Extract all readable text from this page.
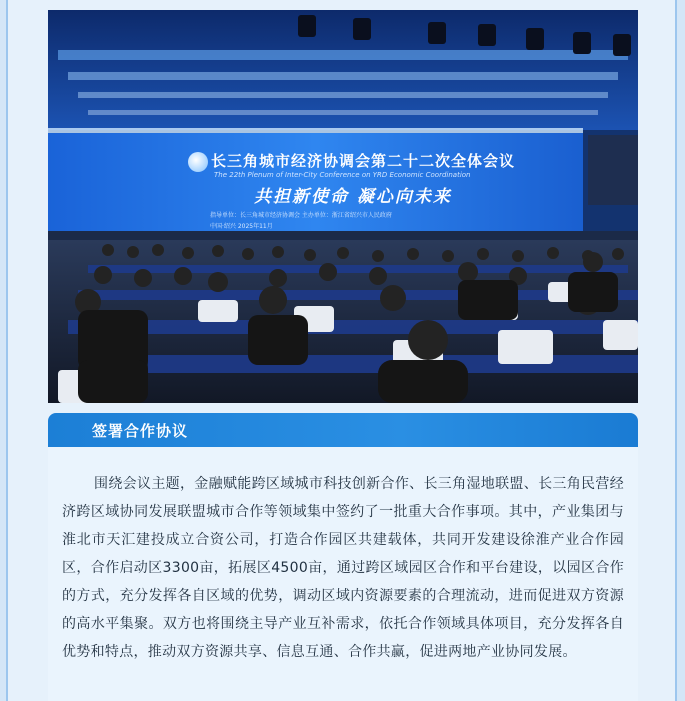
长三角城市经济协调会第二十二次全体会议
The 22th Plenum of Inter-City Conference on YRD Economic Coordination
共担新使命 凝心向未来
指导单位：长三角城市经济协调会 主办单位：浙江省绍兴市人民政府
中国·绍兴 2025年11月
签署合作协议
围绕会议主题，金融赋能跨区域城市科技创新合作、长三角湿地联盟、长三角民营经济跨区域协同发展联盟城市合作等领域集中签约了一批重大合作事项。其中，产业集团与淮北市天汇建投成立合资公司，打造合作园区共建载体，共同开发建设徐淮产业合作园区，合作启动区3300亩，拓展区4500亩，通过跨区域园区合作和平台建设，以园区合作的方式，充分发挥各自区域的优势，调动区域内资源要素的合理流动，进而促进双方资源的高水平集聚。双方也将围绕主导产业互补需求，依托合作领域具体项目，充分发挥各自优势和特点，推动双方资源共享、信息互通、合作共赢，促进两地产业协同发展。
